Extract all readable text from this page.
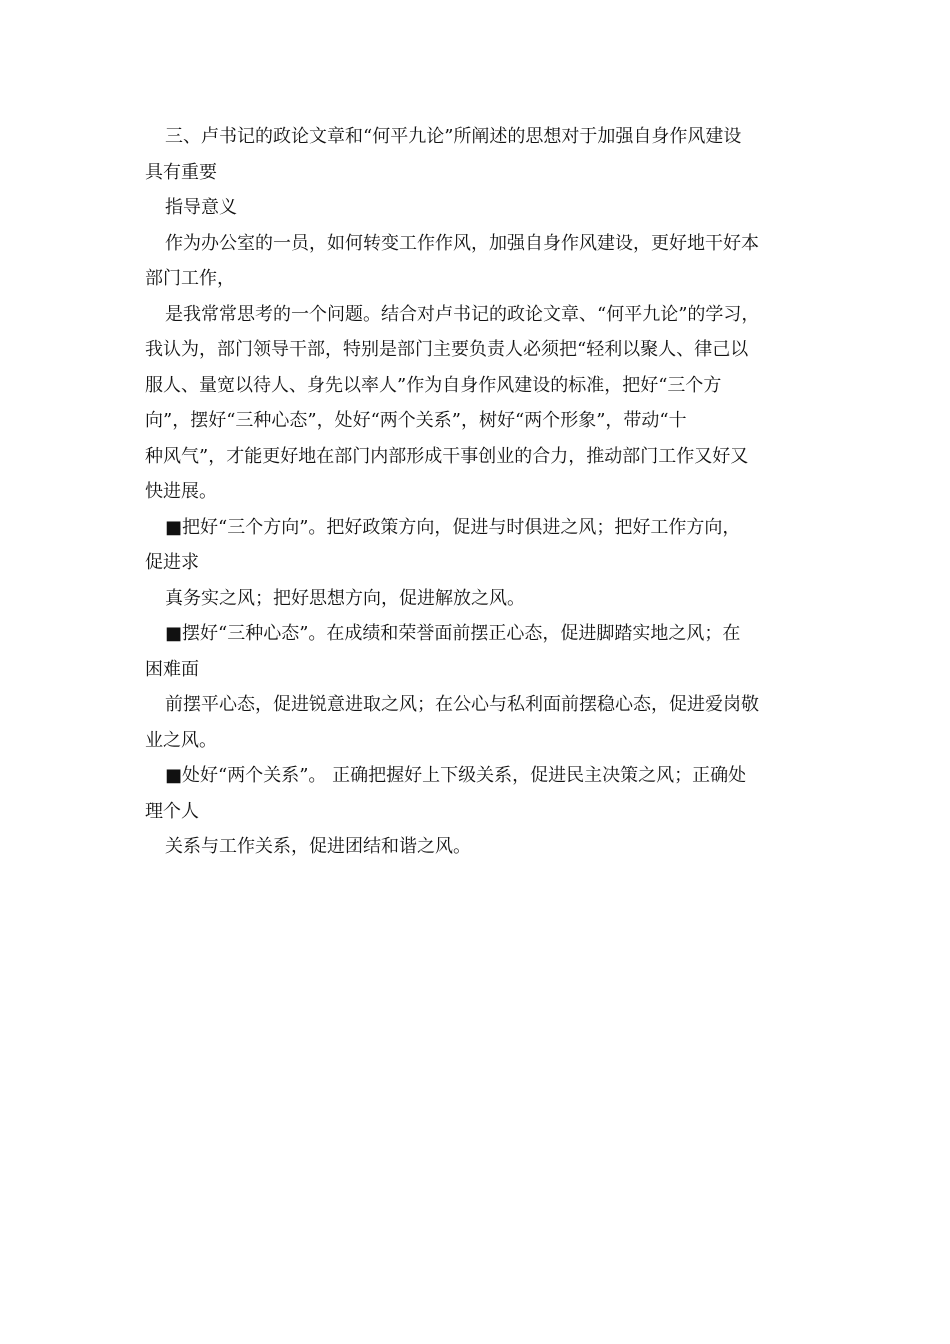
三、卢书记的政论文章和“何平九论”所阐述的思想对于加强自身作风建设
具有重要
指导意义
作为办公室的一员，如何转变工作作风，加强自身作风建设，更好地干好本
部门工作，
是我常常思考的一个问题。结合对卢书记的政论文章、“何平九论”的学习，
我认为，部门领导干部，特别是部门主要负责人必须把“轻利以聚人、律己以
服人、量宽以待人、身先以率人”作为自身作风建设的标准，把好“三个方
向”，摆好“三种心态”，处好“两个关系”，树好“两个形象”，带动“十
种风气”，才能更好地在部门内部形成干事创业的合力，推动部门工作又好又
快进展。
■把好“三个方向”。把好政策方向，促进与时俱进之风；把好工作方向，
促进求
真务实之风；把好思想方向，促进解放之风。
■摆好“三种心态”。在成绩和荣誉面前摆正心态，促进脚踏实地之风；在
困难面
前摆平心态，促进锐意进取之风；在公心与私利面前摆稳心态，促进爱岗敬
业之风。
■处好“两个关系”。 正确把握好上下级关系，促进民主决策之风；正确处
理个人
关系与工作关系，促进团结和谐之风。
